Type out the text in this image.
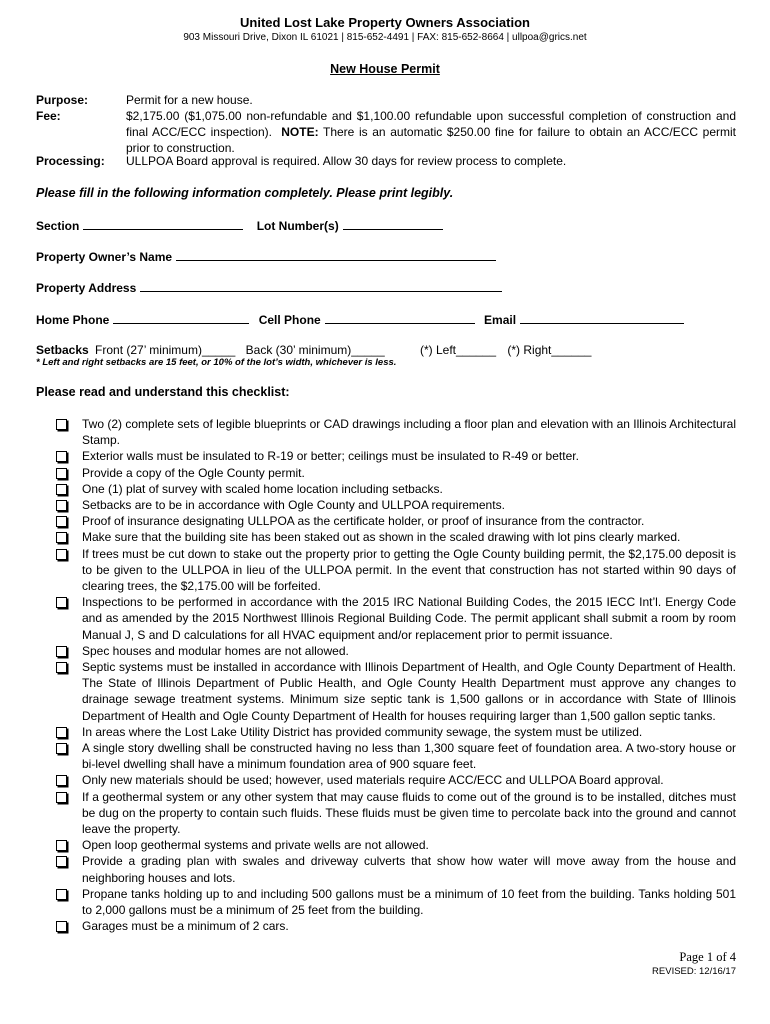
United Lost Lake Property Owners Association
903 Missouri Drive, Dixon IL 61021 | 815-652-4491 | FAX: 815-652-8664 | ullpoa@grics.net
New House Permit
Purpose:	Permit for a new house.
Fee:	$2,175.00 ($1,075.00 non-refundable and $1,100.00 refundable upon successful completion of construction and final ACC/ECC inspection). NOTE: There is an automatic $250.00 fine for failure to obtain an ACC/ECC permit prior to construction.
Processing: ULLPOA Board approval is required. Allow 30 days for review process to complete.
Please fill in the following information completely. Please print legibly.
Section	Lot Number(s)
Property Owner’s Name
Property Address
Home Phone	Cell Phone	Email
Setbacks Front (27’ minimum)_____ Back (30’ minimum)_____	(*) Left______ (*) Right______
* Left and right setbacks are 15 feet, or 10% of the lot’s width, whichever is less.
Please read and understand this checklist:
Two (2) complete sets of legible blueprints or CAD drawings including a floor plan and elevation with an Illinois Architectural Stamp.
Exterior walls must be insulated to R-19 or better; ceilings must be insulated to R-49 or better.
Provide a copy of the Ogle County permit.
One (1) plat of survey with scaled home location including setbacks.
Setbacks are to be in accordance with Ogle County and ULLPOA requirements.
Proof of insurance designating ULLPOA as the certificate holder, or proof of insurance from the contractor.
Make sure that the building site has been staked out as shown in the scaled drawing with lot pins clearly marked.
If trees must be cut down to stake out the property prior to getting the Ogle County building permit, the $2,175.00 deposit is to be given to the ULLPOA in lieu of the ULLPOA permit. In the event that construction has not started within 90 days of clearing trees, the $2,175.00 will be forfeited.
Inspections to be performed in accordance with the 2015 IRC National Building Codes, the 2015 IECC Int’l. Energy Code and as amended by the 2015 Northwest Illinois Regional Building Code. The permit applicant shall submit a room by room Manual J, S and D calculations for all HVAC equipment and/or replacement prior to permit issuance.
Spec houses and modular homes are not allowed.
Septic systems must be installed in accordance with Illinois Department of Health, and Ogle County Department of Health. The State of Illinois Department of Public Health, and Ogle County Health Department must approve any changes to drainage sewage treatment systems. Minimum size septic tank is 1,500 gallons or in accordance with State of Illinois Department of Health and Ogle County Department of Health for houses requiring larger than 1,500 gallon septic tanks.
In areas where the Lost Lake Utility District has provided community sewage, the system must be utilized.
A single story dwelling shall be constructed having no less than 1,300 square feet of foundation area. A two-story house or bi-level dwelling shall have a minimum foundation area of 900 square feet.
Only new materials should be used; however, used materials require ACC/ECC and ULLPOA Board approval.
If a geothermal system or any other system that may cause fluids to come out of the ground is to be installed, ditches must be dug on the property to contain such fluids. These fluids must be given time to percolate back into the ground and cannot leave the property.
Open loop geothermal systems and private wells are not allowed.
Provide a grading plan with swales and driveway culverts that show how water will move away from the house and neighboring houses and lots.
Propane tanks holding up to and including 500 gallons must be a minimum of 10 feet from the building. Tanks holding 501 to 2,000 gallons must be a minimum of 25 feet from the building.
Garages must be a minimum of 2 cars.
Page 1 of 4
REVISED: 12/16/17
